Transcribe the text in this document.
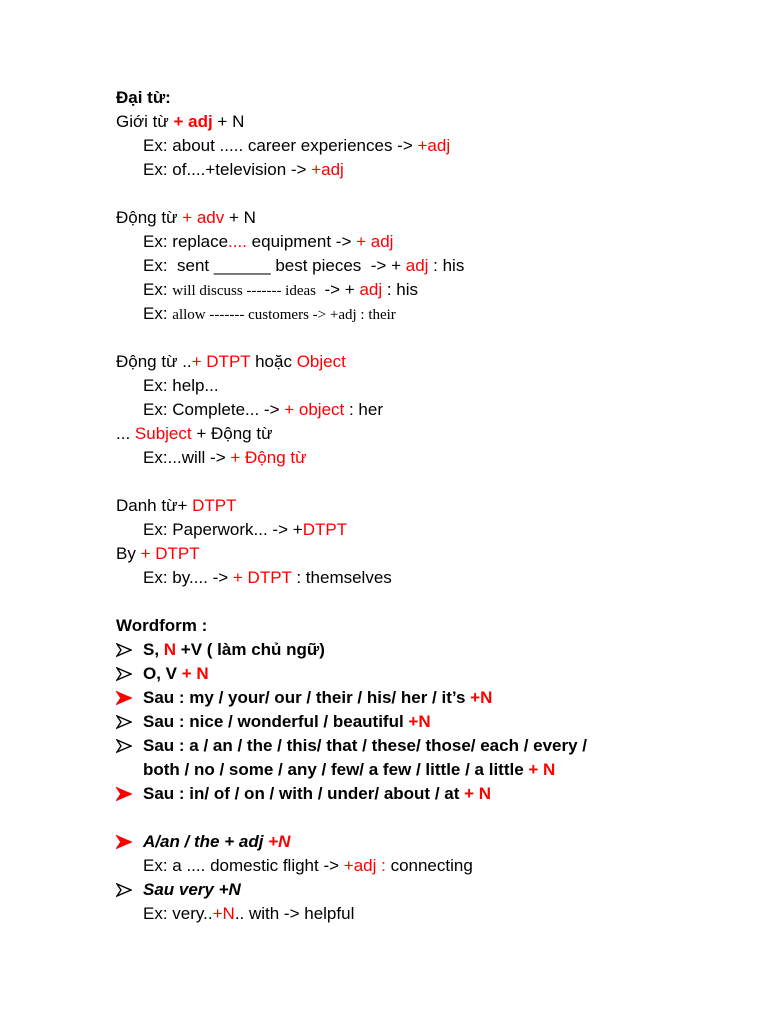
Đại từ:
Giới từ + adj + N
Ex: about ..... career experiences -> +adj
Ex: of....+television -> +adj
Động từ + adv + N
Ex: replace.... equipment -> + adj
Ex:  sent ______ best pieces  -> + adj : his
Ex: will discuss ------- ideas  -> + adj : his
Ex: allow ------- customers -> +adj : their
Động từ ..+ DTPT hoặc Object
Ex: help...
Ex: Complete... -> + object : her
... Subject + Động từ
Ex:...will -> + Động từ
Danh từ+ DTPT
Ex: Paperwork... -> +DTPT
By + DTPT
Ex: by.... -> + DTPT : themselves
Wordform :
S, N +V ( làm chủ ngữ)
O, V + N
Sau : my / your/ our / their / his/ her / it’s +N
Sau : nice / wonderful / beautiful +N
Sau : a / an / the / this/ that / these/ those/ each / every /
both / no / some / any / few/ a few / little / a little + N
Sau : in/ of / on / with / under/ about / at + N
A/an / the + adj +N
Ex: a .... domestic flight -> +adj : connecting
Sau very +N
Ex: very..+N.. with -> helpful
